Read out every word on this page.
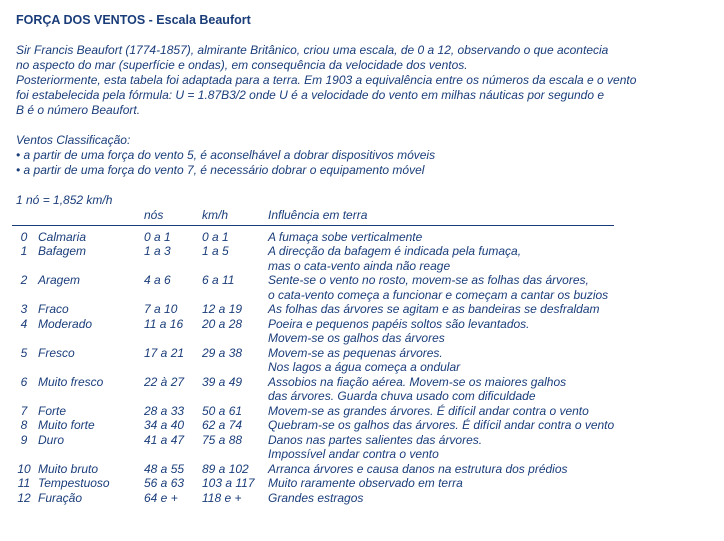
FORÇA DOS VENTOS - Escala Beaufort
Sir Francis Beaufort (1774-1857), almirante Britânico, criou uma escala, de 0 a 12, observando o que acontecia
no aspecto do mar (superfície e ondas), em consequência da velocidade dos ventos.
Posteriormente, esta tabela foi adaptada para a terra. Em 1903 a equivalência entre os números da escala e o vento
foi estabelecida pela fórmula: U = 1.87B3/2 onde U é a velocidade do vento em milhas náuticas por segundo e
B é o número Beaufort.
Ventos Classificação:
• a partir de uma força do vento 5, é aconselhável a dobrar dispositivos móveis
• a partir de uma força do vento 7, é necessário dobrar o equipamento móvel
1 nó = 1,852 km/h
		nós	km/h	Influência em terra
0	Calmaria	0 a 1	0 a 1	A fumaça sobe verticalmente
1	Bafagem	1 a 3	1 a 5	A direcção da bafagem é indicada pela fumaça,
				mas o cata-vento ainda não reage
2	Aragem	4 a 6	6 a 11	Sente-se o vento no rosto, movem-se as folhas das árvores,
				o cata-vento começa a funcionar e começam a cantar os buzios
3	Fraco	7 a 10	12 a 19	As folhas das árvores se agitam e as bandeiras se desfraldam
4	Moderado	11 a 16	20 a 28	Poeira e pequenos papéis soltos são levantados.
				Movem-se os galhos das árvores
5	Fresco	17 a 21	29 a 38	Movem-se as pequenas árvores.
				Nos lagos a água começa a ondular
6	Muito fresco	22 à 27	39 a 49	Assobios na fiação aérea. Movem-se os maiores galhos
				das árvores. Guarda chuva usado com dificuldade
7	Forte	28 a 33	50 a 61	Movem-se as grandes árvores. É difícil andar contra o vento
8	Muito forte	34 a 40	62 a 74	Quebram-se os galhos das árvores. É difícil andar contra o vento
9	Duro	41 a 47	75 a 88	Danos nas partes salientes das árvores.
				Impossível andar contra o vento
10	Muito bruto	48 a 55	89 a 102	Arranca árvores e causa danos na estrutura dos prédios
11	Tempestuoso	56 a 63	103 a 117	Muito raramente observado em terra
12	Furação	64 e +	118 e +	Grandes estragos
